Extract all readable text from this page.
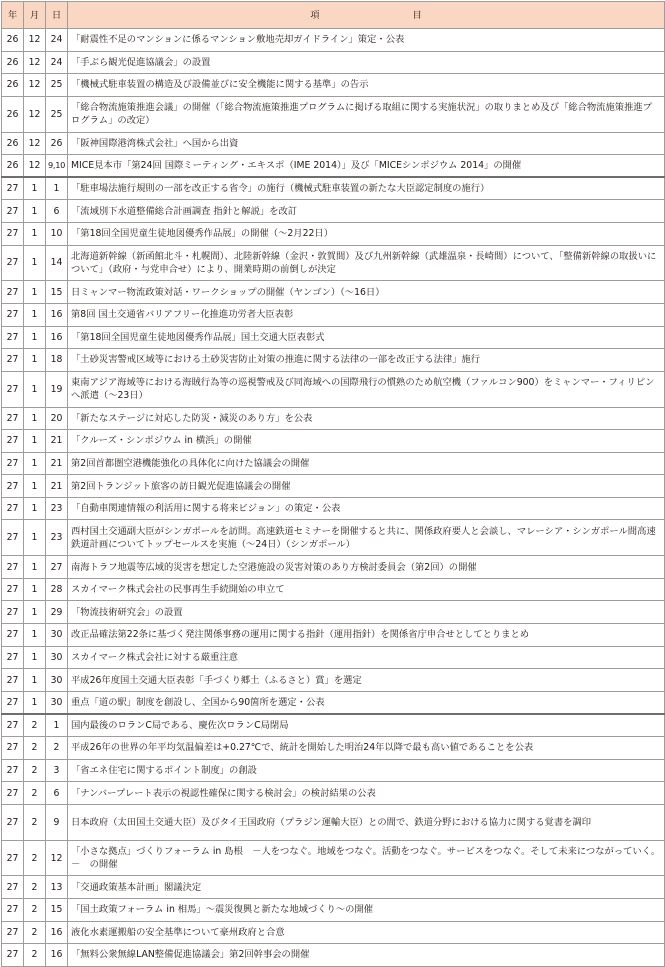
年	月	日	項　　　　　　　　　　目
26	12	24	「耐震性不足のマンションに係るマンション敷地売却ガイドライン」策定・公表
26	12	24	「手ぶら観光促進協議会」の設置
26	12	25	「機械式駐車装置の構造及び設備並びに安全機能に関する基準」の告示
26	12	25	「総合物流施策推進会議」の開催（「総合物流施策推進プログラムに掲げる取組に関する実施状況」の取りまとめ及び「総合物流施策推進プログラム」の改定）
26	12	26	「阪神国際港湾株式会社」へ国から出資
26	12	9,10	MICE見本市「第24回 国際ミーティング・エキスポ（IME 2014）」及び「MICEシンポジウム 2014」の開催
27	1	1	「駐車場法施行規則の一部を改正する省令」の施行（機械式駐車装置の新たな大臣認定制度の施行）
27	1	6	「流域別下水道整備総合計画調査 指針と解説」を改訂
27	1	10	「第18回全国児童生徒地図優秀作品展」の開催（～2月22日）
27	1	14	北海道新幹線（新函館北斗・札幌間）、北陸新幹線（金沢・敦賀間）及び九州新幹線（武雄温泉・長崎間）について、「整備新幹線の取扱いについて」（政府・与党申合せ）により、開業時期の前倒しが決定
27	1	15	日ミャンマー物流政策対話・ワークショップの開催（ヤンゴン）（～16日）
27	1	16	第8回 国土交通省バリアフリー化推進功労者大臣表彰
27	1	16	「第18回全国児童生徒地図優秀作品展」国土交通大臣表彰式
27	1	18	「土砂災害警戒区域等における土砂災害防止対策の推進に関する法律の一部を改正する法律」施行
27	1	19	東南アジア海域等における海賊行為等の巡視警戒及び同海域への国際飛行の慣熟のため航空機（ファルコン900）をミャンマー・フィリピンへ派遣（～23日）
27	1	20	「新たなステージに対応した防災・減災のあり方」を公表
27	1	21	「クルーズ・シンポジウム in 横浜」の開催
27	1	21	第2回首都圏空港機能強化の具体化に向けた協議会の開催
27	1	21	第2回トランジット旅客の訪日観光促進協議会の開催
27	1	23	「自動車関連情報の利活用に関する将来ビジョン」の策定・公表
27	1	23	西村国土交通副大臣がシンガポールを訪問。高速鉄道セミナーを開催すると共に、関係政府要人と会談し、マレーシア・シンガポール間高速鉄道計画についてトップセールスを実施（～24日）（シンガポール）
27	1	27	南海トラフ地震等広域的災害を想定した空港施設の災害対策のあり方検討委員会（第2回）の開催
27	1	28	スカイマーク株式会社の民事再生手続開始の申立て
27	1	29	「物流技術研究会」の設置
27	1	30	改正品確法第22条に基づく発注関係事務の運用に関する指針（運用指針）を関係省庁申合せとしてとりまとめ
27	1	30	スカイマーク株式会社に対する厳重注意
27	1	30	平成26年度国土交通大臣表彰「手づくり郷土（ふるさと）賞」を選定
27	1	30	重点「道の駅」制度を創設し、全国から90箇所を選定・公表
27	2	1	国内最後のロランC局である、慶佐次ロランC局閉局
27	2	2	平成26年の世界の年平均気温偏差は+0.27℃で、統計を開始した明治24年以降で最も高い値であることを公表
27	2	3	「省エネ住宅に関するポイント制度」の創設
27	2	6	「ナンバープレート表示の視認性確保に関する検討会」の検討結果の公表
27	2	9	日本政府（太田国土交通大臣）及びタイ王国政府（プラジン運輸大臣）との間で、鉄道分野における協力に関する覚書を調印
27	2	12	「小さな拠点」づくりフォーラム in 島根　－人をつなぐ。地域をつなぐ。活動をつなぐ。サービスをつなぐ。そして未来につながっていく。－　の開催
27	2	13	「交通政策基本計画」閣議決定
27	2	15	「国土政策フォーラム in 相馬」～震災復興と新たな地域づくり～の開催
27	2	16	液化水素運搬船の安全基準について豪州政府と合意
27	2	16	「無料公衆無線LAN整備促進協議会」第2回幹事会の開催
